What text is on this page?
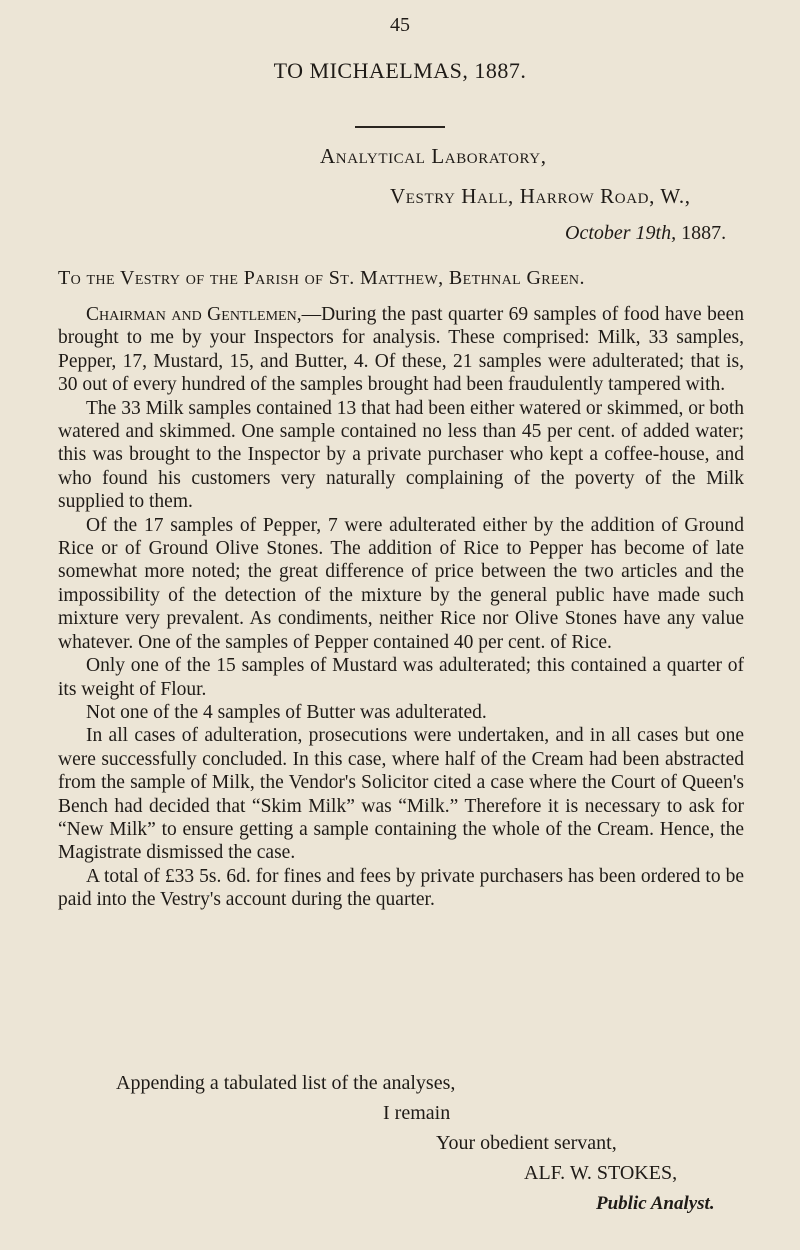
45
TO MICHAELMAS, 1887.
Analytical Laboratory,
Vestry Hall, Harrow Road, W.,
October 19th, 1887.
To the Vestry of the Parish of St. Matthew, Bethnal Green.

Chairman and Gentlemen,—During the past quarter 69 samples of food have been brought to me by your Inspectors for analysis. These comprised: Milk, 33 samples, Pepper, 17, Mustard, 15, and Butter, 4. Of these, 21 samples were adulterated; that is, 30 out of every hundred of the samples brought had been fraudulently tampered with.

The 33 Milk samples contained 13 that had been either watered or skimmed, or both watered and skimmed. One sample contained no less than 45 per cent. of added water; this was brought to the Inspector by a private purchaser who kept a coffee-house, and who found his customers very naturally complaining of the poverty of the Milk supplied to them.

Of the 17 samples of Pepper, 7 were adulterated either by the addition of Ground Rice or of Ground Olive Stones. The addition of Rice to Pepper has become of late somewhat more noted; the great difference of price between the two articles and the impossibility of the detection of the mixture by the general public have made such mixture very prevalent. As condiments, neither Rice nor Olive Stones have any value whatever. One of the samples of Pepper contained 40 per cent. of Rice.

Only one of the 15 samples of Mustard was adulterated; this contained a quarter of its weight of Flour.

Not one of the 4 samples of Butter was adulterated.

In all cases of adulteration, prosecutions were undertaken, and in all cases but one were successfully concluded. In this case, where half of the Cream had been abstracted from the sample of Milk, the Vendor's Solicitor cited a case where the Court of Queen's Bench had decided that “Skim Milk” was “Milk.” Therefore it is necessary to ask for “New Milk” to ensure getting a sample containing the whole of the Cream. Hence, the Magistrate dismissed the case.

A total of £33 5s. 6d. for fines and fees by private purchasers has been ordered to be paid into the Vestry's account during the quarter.

Appending a tabulated list of the analyses,
I remain
Your obedient servant,
ALF. W. STOKES,
Public Analyst.
